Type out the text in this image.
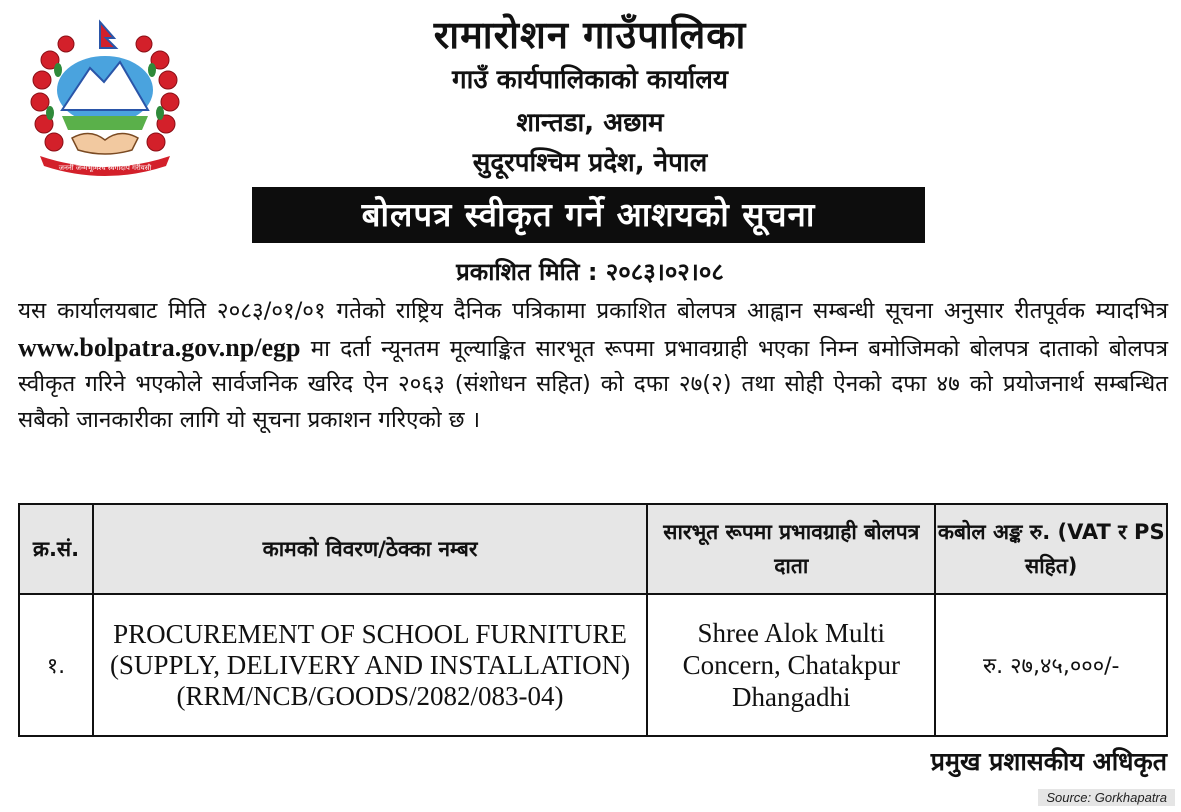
जननी जन्मभूमिश्च स्वर्गादपि गरीयसी
रामारोशन गाउँपालिका
गाउँ कार्यपालिकाको कार्यालय
शान्तडा, अछाम
सुदूरपश्चिम प्रदेश, नेपाल
बोलपत्र स्वीकृत गर्ने आशयको सूचना
प्रकाशित मिति : २०८३।०२।०८
यस कार्यालयबाट मिति २०८३/०१/०१ गतेको राष्ट्रिय दैनिक पत्रिकामा प्रकाशित बोलपत्र आह्वान सम्बन्धी सूचना अनुसार रीतपूर्वक म्यादभित्र www.bolpatra.gov.np/egp मा दर्ता न्यूनतम मूल्याङ्कित सारभूत रूपमा प्रभावग्राही भएका निम्न बमोजिमको बोलपत्र दाताको बोलपत्र स्वीकृत गरिने भएकोले सार्वजनिक खरिद ऐन २०६३ (संशोधन सहित) को दफा २७(२) तथा सोही ऐनको दफा ४७ को प्रयोजनार्थ सम्बन्धित सबैको जानकारीका लागि यो सूचना प्रकाशन गरिएको छ ।
क्र.सं.	कामको विवरण/ठेक्का नम्बर	सारभूत रूपमा प्रभावग्राही बोलपत्र दाता	कबोल अङ्क रु. (VAT र PS सहित)
१.	PROCUREMENT OF SCHOOL FURNITURE (SUPPLY, DELIVERY AND INSTALLATION) (RRM/NCB/GOODS/2082/083-04)	Shree Alok Multi Concern, Chatakpur Dhangadhi	रु. २७,४५,०००/-
प्रमुख प्रशासकीय अधिकृत
Source: Gorkhapatra
